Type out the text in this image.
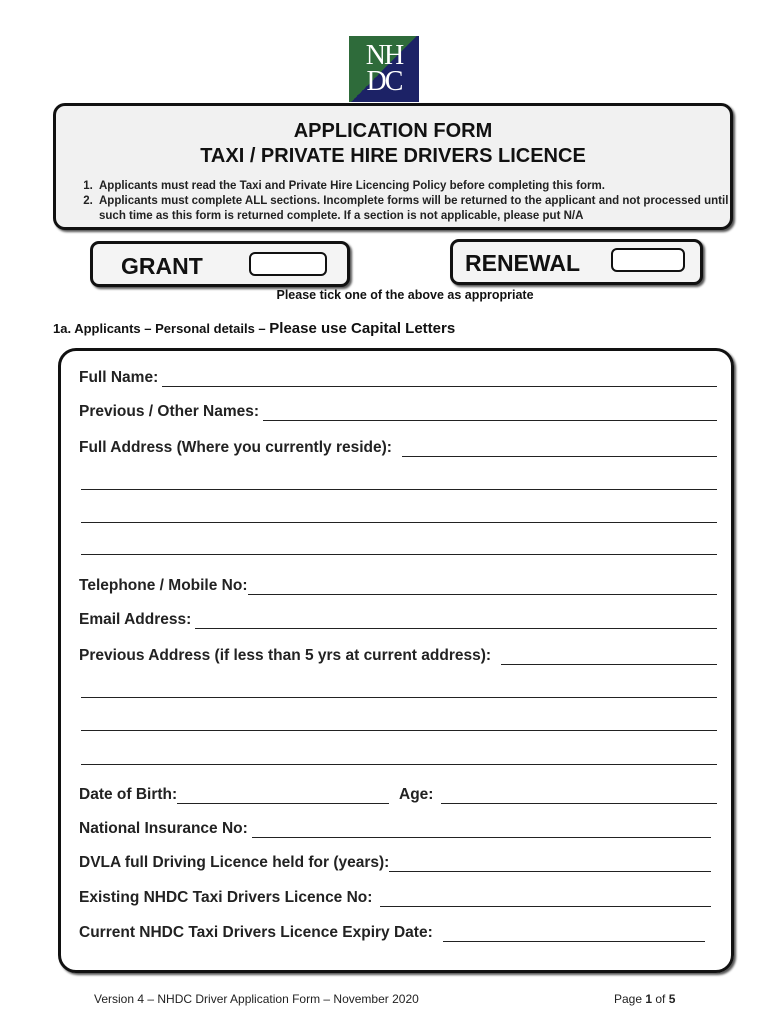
NH
DC
APPLICATION FORM
TAXI / PRIVATE HIRE DRIVERS LICENCE
1. Applicants must read the Taxi and Private Hire Licencing Policy before completing this form.
2. Applicants must complete ALL sections. Incomplete forms will be returned to the applicant and not processed until such time as this form is returned complete. If a section is not applicable, please put N/A
GRANT	RENEWAL
Please tick one of the above as appropriate
1a. Applicants – Personal details – Please use Capital Letters
Full Name:
Previous / Other Names:
Full Address (Where you currently reside):
Telephone / Mobile No:
Email Address:
Previous Address (if less than 5 yrs at current address):
Date of Birth:	Age:
National Insurance No:
DVLA full Driving Licence held for (years):
Existing NHDC Taxi Drivers Licence No:
Current NHDC Taxi Drivers Licence Expiry Date:
Version 4 – NHDC Driver Application Form – November 2020	Page 1 of 5
